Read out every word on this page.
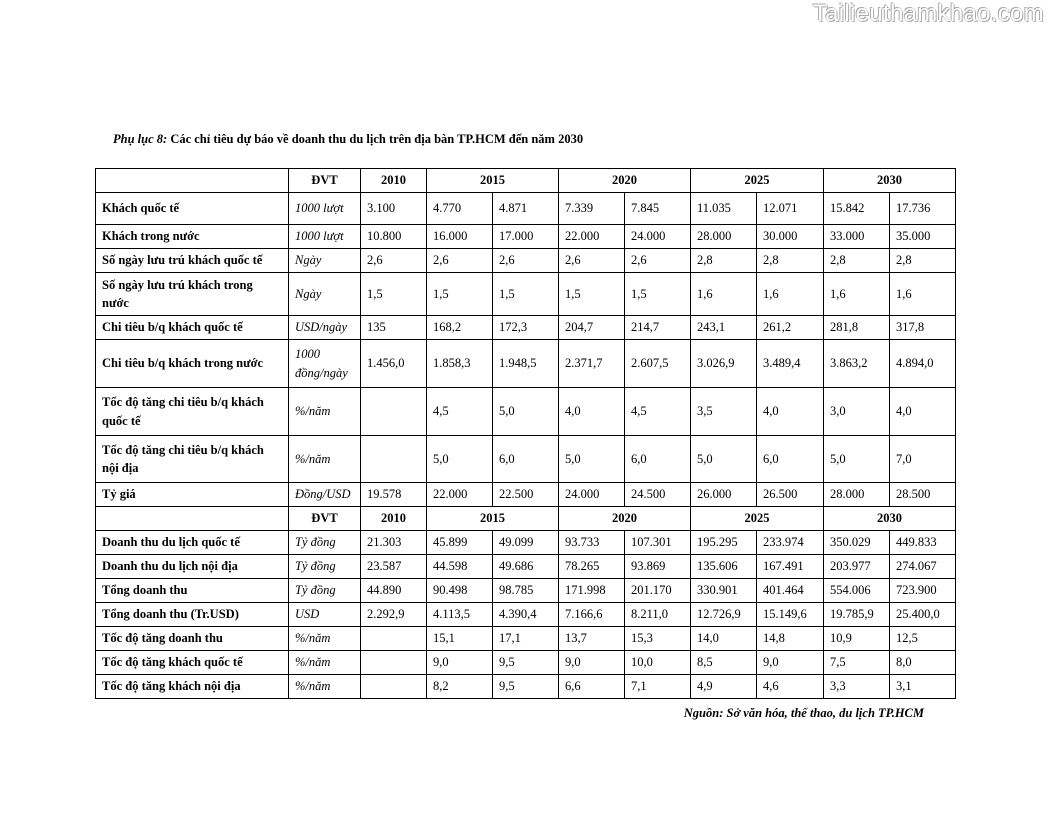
Tailieuthamkhao.com
Phụ lục 8: Các chỉ tiêu dự báo về doanh thu du lịch trên địa bàn TP.HCM đến năm 2030
	ĐVT	2010	2015		2020		2025		2030	
Khách quốc tế	1000 lượt	3.100	4.770	4.871	7.339	7.845	11.035	12.071	15.842	17.736
Khách trong nước	1000 lượt	10.800	16.000	17.000	22.000	24.000	28.000	30.000	33.000	35.000
Số ngày lưu trú khách quốc tế	Ngày	2,6	2,6	2,6	2,6	2,6	2,8	2,8	2,8	2,8
Số ngày lưu trú khách trong nước	Ngày	1,5	1,5	1,5	1,5	1,5	1,6	1,6	1,6	1,6
Chi tiêu b/q khách quốc tế	USD/ngày	135	168,2	172,3	204,7	214,7	243,1	261,2	281,8	317,8
Chi tiêu b/q khách trong nước	1000 đồng/ngày	1.456,0	1.858,3	1.948,5	2.371,7	2.607,5	3.026,9	3.489,4	3.863,2	4.894,0
Tốc độ tăng chi tiêu b/q khách quốc tế	%/năm		4,5	5,0	4,0	4,5	3,5	4,0	3,0	4,0
Tốc độ tăng chi tiêu b/q khách nội địa	%/năm		5,0	6,0	5,0	6,0	5,0	6,0	5,0	7,0
Tỷ giá	Đồng/USD	19.578	22.000	22.500	24.000	24.500	26.000	26.500	28.000	28.500
	ĐVT	2010	2015		2020		2025		2030	
Doanh thu du lịch quốc tế	Tỷ đồng	21.303	45.899	49.099	93.733	107.301	195.295	233.974	350.029	449.833
Doanh thu du lịch nội địa	Tỷ đồng	23.587	44.598	49.686	78.265	93.869	135.606	167.491	203.977	274.067
Tổng doanh thu	Tỷ đồng	44.890	90.498	98.785	171.998	201.170	330.901	401.464	554.006	723.900
Tổng doanh thu (Tr.USD)	USD	2.292,9	4.113,5	4.390,4	7.166,6	8.211,0	12.726,9	15.149,6	19.785,9	25.400,0
Tốc độ tăng doanh thu	%/năm		15,1	17,1	13,7	15,3	14,0	14,8	10,9	12,5
Tốc độ tăng khách quốc tế	%/năm		9,0	9,5	9,0	10,0	8,5	9,0	7,5	8,0
Tốc độ tăng khách nội địa	%/năm		8,2	9,5	6,6	7,1	4,9	4,6	3,3	3,1
Nguồn: Sở văn hóa, thể thao, du lịch TP.HCM
